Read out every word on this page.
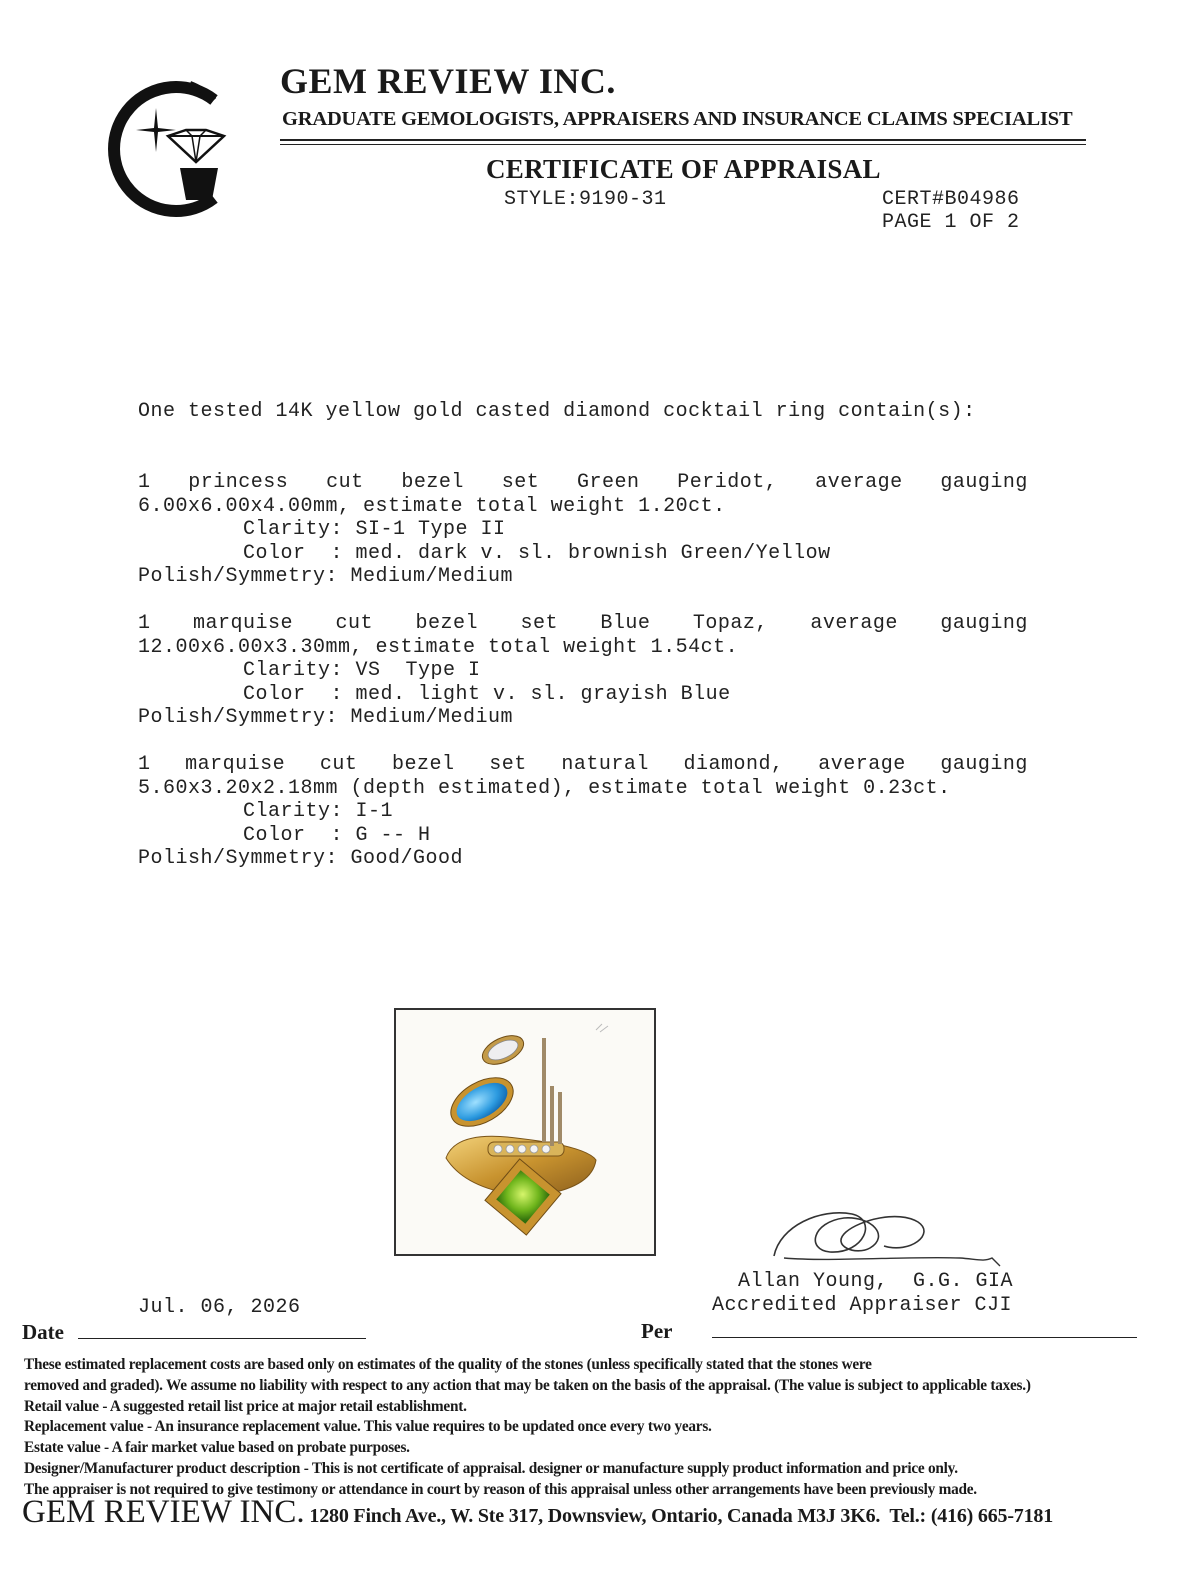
GEM REVIEW INC.
GRADUATE GEMOLOGISTS, APPRAISERS AND INSURANCE CLAIMS SPECIALIST
CERTIFICATE OF APPRAISAL
STYLE:9190-31	CERT#B04986
PAGE 1 OF 2
One tested 14K yellow gold casted diamond cocktail ring contain(s):
1 princess cut bezel set Green Peridot, average gauging
6.00x6.00x4.00mm, estimate total weight 1.20ct.
Clarity: SI-1 Type II
Color  : med. dark v. sl. brownish Green/Yellow
Polish/Symmetry: Medium/Medium
1 marquise cut bezel set Blue Topaz, average gauging
12.00x6.00x3.30mm, estimate total weight 1.54ct.
Clarity: VS  Type I
Color  : med. light v. sl. grayish Blue
Polish/Symmetry: Medium/Medium
1 marquise cut bezel set natural diamond, average gauging
5.60x3.20x2.18mm (depth estimated), estimate total weight 0.23ct.
Clarity: I-1
Color  : G -- H
Polish/Symmetry: Good/Good
Allan Young,  G.G. GIA
Accredited Appraiser CJI
Jul. 06, 2026
Date	Per
These estimated replacement costs are based only on estimates of the quality of the stones (unless specifically stated that the stones were
removed and graded). We assume no liability with respect to any action that may be taken on the basis of the appraisal. (The value is subject to applicable taxes.)
Retail value - A suggested retail list price at major retail establishment.
Replacement value - An insurance replacement value. This value requires to be updated once every two years.
Estate value - A fair market value based on probate purposes.
Designer/Manufacturer product description - This is not certificate of appraisal. designer or manufacture supply product information and price only.
The appraiser is not required to give testimony or attendance in court by reason of this appraisal unless other arrangements have been previously made.
GEM REVIEW INC. 1280 Finch Ave., W. Ste 317, Downsview, Ontario, Canada M3J 3K6.  Tel.: (416) 665-7181
